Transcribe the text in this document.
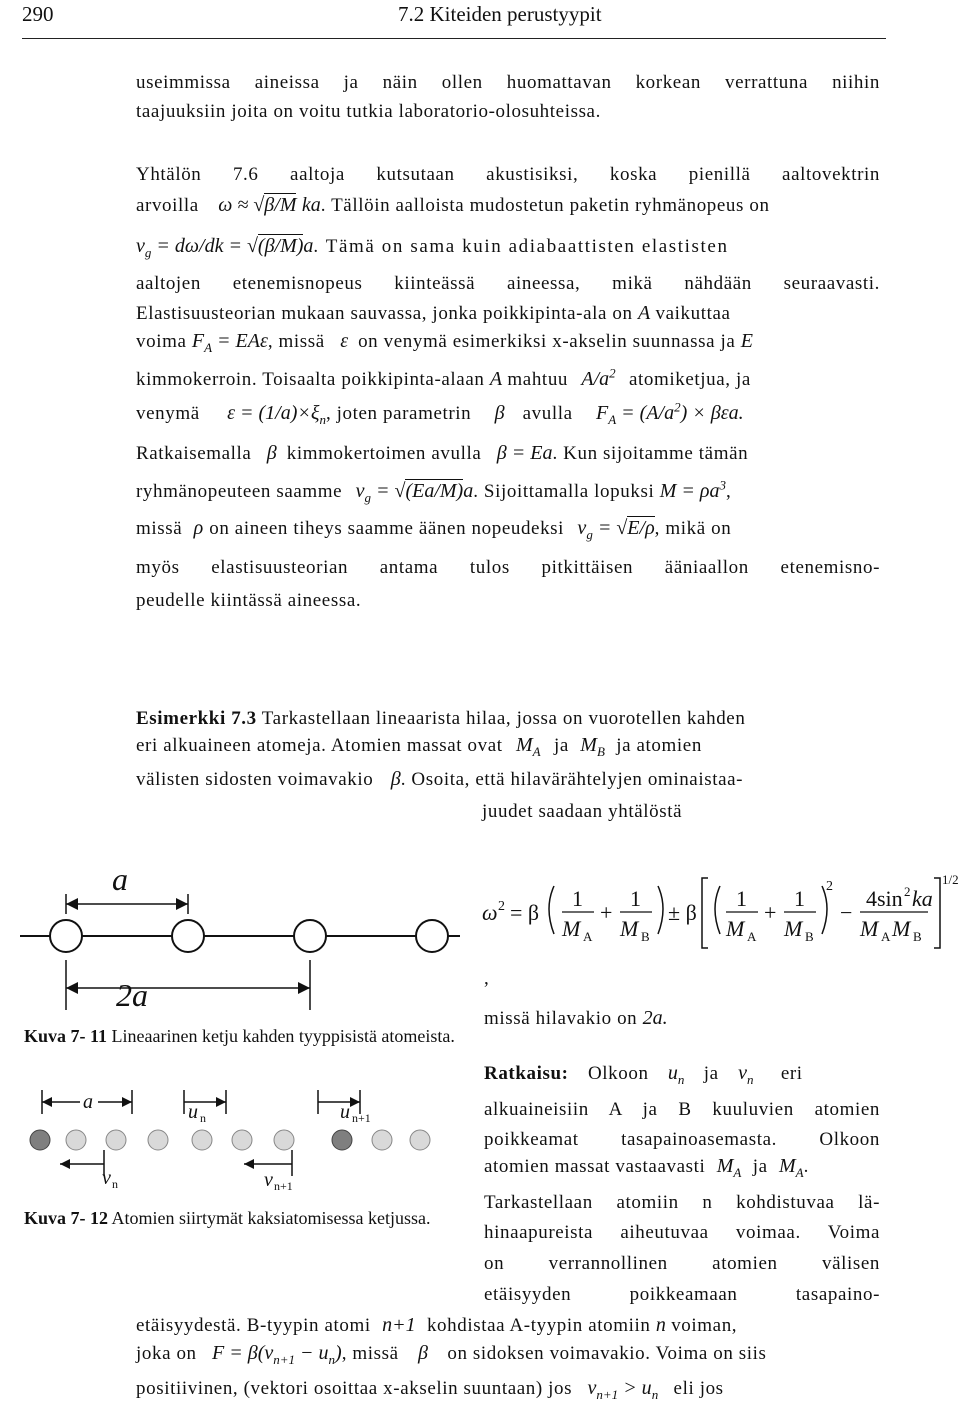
290	7.2 Kiteiden perustyypit
useimmissa aineissa ja näin ollen huomattavan korkean verrattuna niihin
taajuuksiin joita on voitu tutkia laboratorio-olosuhteissa.
Yhtälön 7.6 aaltoja kutsutaan akustisiksi, koska pienillä aaltovektrin
arvoilla ω ≈ √β/M ka. Tällöin aalloista mudostetun paketin ryhmänopeus on
$v_g = d\omega/dk = √(\beta/M)a$. Tämä on sama kuin adiabaattisten elastisten
aaltojen etenemisnopeus kiinteässä aineessa, mikä nähdään seuraavasti.
Elastisuusteorian mukaan sauvassa, jonka poikkipinta-ala on A vaikuttaa
voima $F_A = EA\varepsilon$, missä ε on venymä esimerkiksi x-akselin suunnassa ja E
kimmokerroin. Toisaalta poikkipinta-alaan A mahtuu $A/a^2$ atomiketjua, ja
venymä $\varepsilon = (1/a)\times\xi_n$, joten parametrin β avulla $F_A = (A/a^2) \times \beta\varepsilon a$.
Ratkaisemalla β kimmokertoimen avulla β = Ea. Kun sijoitamme tämän
ryhmänopeuteen saamme $v_g = √(Ea/M)a$. Sijoittamalla lopuksi $M = \rho a^3$,
missä ρ on aineen tiheys saamme äänen nopeudeksi $v_g = √E/\rho$, mikä on
myös elastisuusteorian antama tulos pitkittäisen ääniaallon etenemisno-
peudelle kiintässä aineessa.
Esimerkki 7.3 Tarkastellaan lineaarista hilaa, jossa on vuorotellen kahden
eri alkuaineen atomeja. Atomien massat ovat $M_A$ ja $M_B$ ja atomien
välisten sidosten voimavakio β. Osoita, että hilavärähtelyjen ominaistaa-
juudet saadaan yhtälöstä
ω 2 = β
1
M A
+
1
M B
± β
1
M A
+
1
M B
2
−
4sin 2 ka
M A M B
1/2
,
missä hilavakio on 2a.
Ratkaisu: Olkoon $u_n$ ja $v_n$ eri
alkuaineisiin A ja B kuuluvien atomien
poikkeamat tasapainoasemasta. Olkoon
atomien massat vastaavasti $M_A$ ja $M_A$.
Tarkastellaan atomiin n kohdistuvaa lä-
hinaapureista aiheutuvaa voimaa. Voima
on verrannollinen atomien välisen
etäisyyden poikkeamaan tasapaino-
etäisyydestä. B-tyypin atomi n+1 kohdistaa A-tyypin atomiin n voiman,
joka on $F = \beta(v_{n+1} - u_n)$, missä β on sidoksen voimavakio. Voima on siis
positiivinen, (vektori osoittaa x-akselin suuntaan) jos $v_{n+1} > u_n$ eli jos
a
2a
Kuva 7- 11 Lineaarinen ketju kahden tyyppisistä atomeista.
a	u n	u n+1
v n	v n+1
Kuva 7- 12 Atomien siirtymät kaksiatomisessa ketjussa.
